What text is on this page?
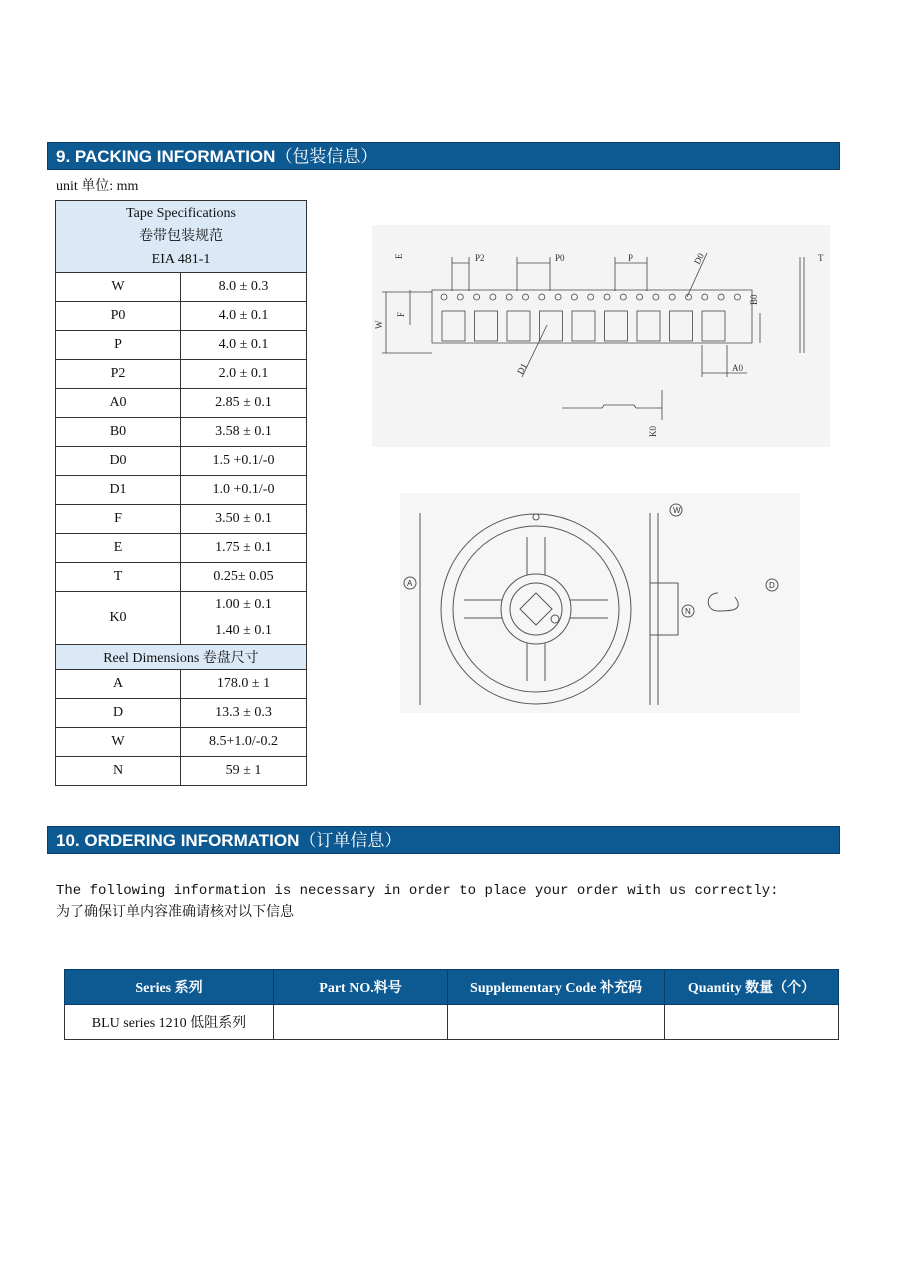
9. PACKING INFORMATION（包装信息）
unit 单位: mm
Tape Specifications
卷带包装规范
EIA 481-1	

W	8.0 ± 0.3
P0	4.0 ± 0.1
P	4.0 ± 0.1
P2	2.0 ± 0.1
A0	2.85 ± 0.1
B0	3.58 ± 0.1
D0	1.5 +0.1/-0
D1	1.0 +0.1/-0
F	3.50 ± 0.1
E	1.75 ± 0.1
T	0.25± 0.05
K0	1.00 ± 0.1
	1.40 ± 0.1
Reel Dimensions 卷盘尺寸	
A	178.0 ± 1
D	13.3 ± 0.3
W	8.5+1.0/-0.2
N	59 ± 1
E	P2	P0	P	D0	T
F
W
B0
D1	A0
K0
W
A	D
N
10. ORDERING INFORMATION（订单信息）
The following information is necessary in order to place your order with us correctly:
为了确保订单内容准确请核对以下信息
Series 系列	Part NO.料号	Supplementary Code 补充码	Quantity 数量（个）
BLU series 1210 低阻系列			
